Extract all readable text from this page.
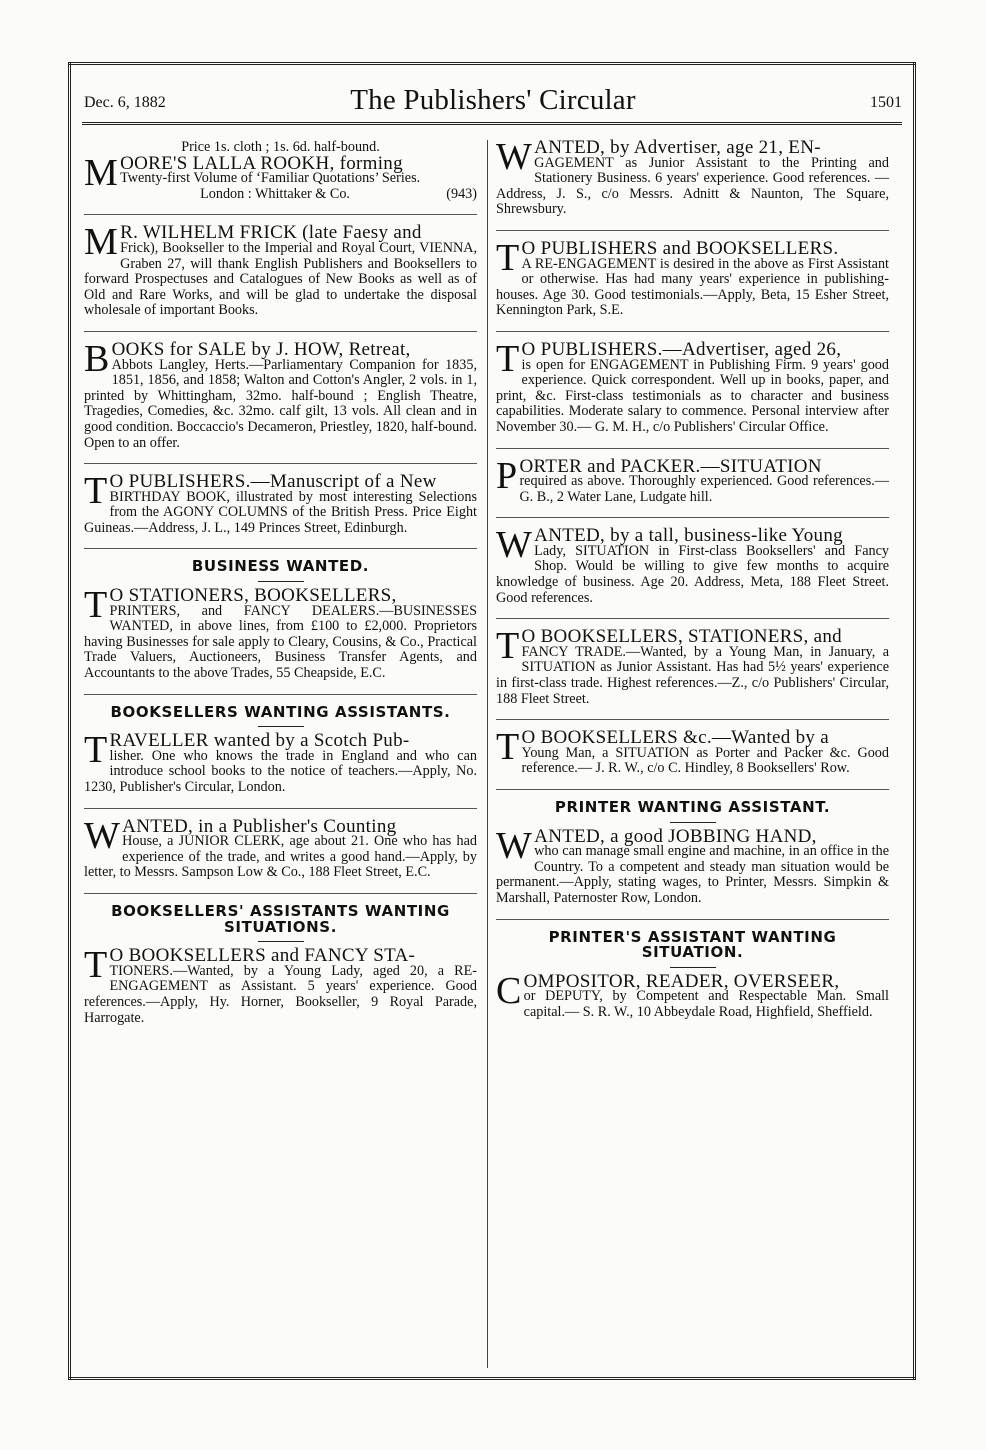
Dec. 6, 1882	The Publishers' Circular	1501

Price 1s. cloth ; 1s. 6d. half-bound.

MOORE'S LALLA ROOKH, forming

Twenty-first Volume of ‘Familiar Quotations’ Series.

London : Whittaker & Co.	(943)

MR. WILHELM FRICK (late Faesy and

Frick), Bookseller to the Imperial and Royal Court, VIENNA, Graben 27, will thank English Publishers and Booksellers to forward Prospectuses and Catalogues of New Books as well as of Old and Rare Works, and will be glad to undertake the disposal wholesale of important Books.

BOOKS for SALE by J. HOW, Retreat,

Abbots Langley, Herts.—Parliamentary Companion for 1835, 1851, 1856, and 1858; Walton and Cotton's Angler, 2 vols. in 1, printed by Whittingham, 32mo. half-bound ; English Theatre, Tragedies, Comedies, &c. 32mo. calf gilt, 13 vols. All clean and in good condition. Boccaccio's Decameron, Priestley, 1820, half-bound. Open to an offer.

TO PUBLISHERS.—Manuscript of a New

BIRTHDAY BOOK, illustrated by most interesting Selections from the AGONY COLUMNS of the British Press. Price Eight Guineas.—Address, J. L., 149 Princes Street, Edinburgh.

BUSINESS WANTED.

TO STATIONERS, BOOKSELLERS,

PRINTERS, and FANCY DEALERS.—BUSINESSES WANTED, in above lines, from £100 to £2,000. Proprietors having Businesses for sale apply to Cleary, Cousins, & Co., Practical Trade Valuers, Auctioneers, Business Transfer Agents, and Accountants to the above Trades, 55 Cheapside, E.C.

BOOKSELLERS WANTING ASSISTANTS.

TRAVELLER wanted by a Scotch Pub-

lisher. One who knows the trade in England and who can introduce school books to the notice of teachers.—Apply, No. 1230, Publisher's Circular, London.

WANTED, in a Publisher's Counting

House, a JUNIOR CLERK, age about 21. One who has had experience of the trade, and writes a good hand.—Apply, by letter, to Messrs. Sampson Low & Co., 188 Fleet Street, E.C.

BOOKSELLERS' ASSISTANTS WANTING SITUATIONS.

TO BOOKSELLERS and FANCY STA-

TIONERS.—Wanted, by a Young Lady, aged 20, a RE-ENGAGEMENT as Assistant. 5 years' experience. Good references.—Apply, Hy. Horner, Bookseller, 9 Royal Parade, Harrogate.

WANTED, by Advertiser, age 21, EN-

GAGEMENT as Junior Assistant to the Printing and Stationery Business. 6 years' experience. Good references. — Address, J. S., c/o Messrs. Adnitt & Naunton, The Square, Shrewsbury.

TO PUBLISHERS and BOOKSELLERS.

A RE-ENGAGEMENT is desired in the above as First Assistant or otherwise. Has had many years' experience in publishing-houses. Age 30. Good testimonials.—Apply, Beta, 15 Esher Street, Kennington Park, S.E.

TO PUBLISHERS.—Advertiser, aged 26,

is open for ENGAGEMENT in Publishing Firm. 9 years' good experience. Quick correspondent. Well up in books, paper, and print, &c. First-class testimonials as to character and business capabilities. Moderate salary to commence. Personal interview after November 30.— G. M. H., c/o Publishers' Circular Office.

PORTER and PACKER.—SITUATION

required as above. Thoroughly experienced. Good references.—G. B., 2 Water Lane, Ludgate hill.

WANTED, by a tall, business-like Young

Lady, SITUATION in First-class Booksellers' and Fancy Shop. Would be willing to give few months to acquire knowledge of business. Age 20. Address, Meta, 188 Fleet Street. Good references.

TO BOOKSELLERS, STATIONERS, and

FANCY TRADE.—Wanted, by a Young Man, in January, a SITUATION as Junior Assistant. Has had 5½ years' experience in first-class trade. Highest references.—Z., c/o Publishers' Circular, 188 Fleet Street.

TO BOOKSELLERS &c.—Wanted by a

Young Man, a SITUATION as Porter and Packer &c. Good reference.— J. R. W., c/o C. Hindley, 8 Booksellers' Row.

PRINTER WANTING ASSISTANT.

WANTED, a good JOBBING HAND,

who can manage small engine and machine, in an office in the Country. To a competent and steady man situation would be permanent.—Apply, stating wages, to Printer, Messrs. Simpkin & Marshall, Paternoster Row, London.

PRINTER'S ASSISTANT WANTING SITUATION.

COMPOSITOR, READER, OVERSEER,

or DEPUTY, by Competent and Respectable Man. Small capital.— S. R. W., 10 Abbeydale Road, Highfield, Sheffield.
